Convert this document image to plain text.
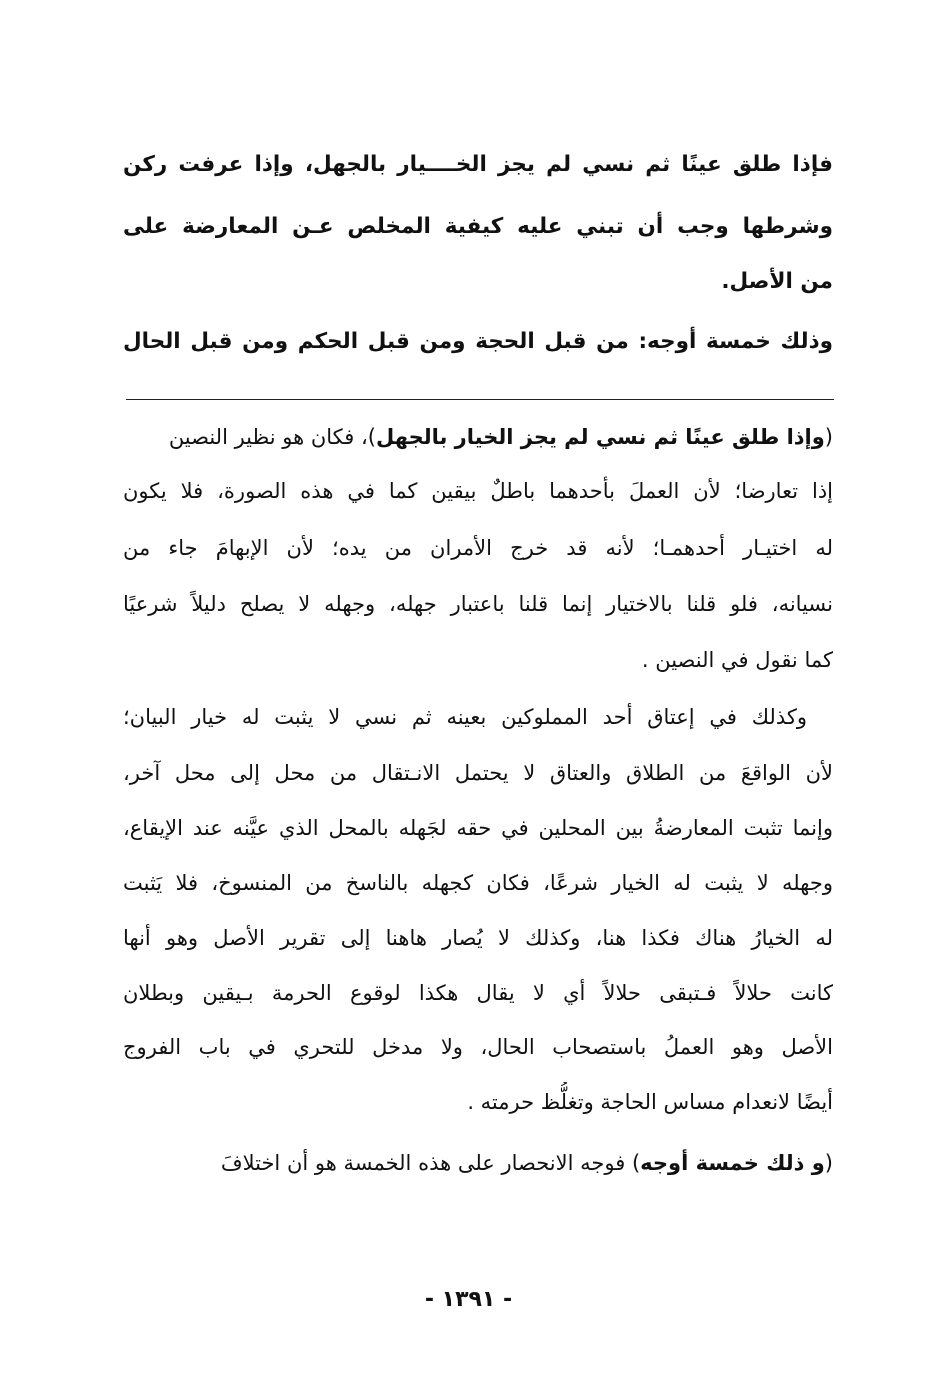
فإذا طلق عينًا ثم نسي لم يجز الخــــيار بالجهل، وإذا عرفت ركن
وشرطها وجب أن تبني عليه كيفية المخلص عـن المعارضة على
من الأصل.
وذلك خمسة أوجه: من قبل الحجة ومن قبل الحكم ومن قبل الحال
(وإذا طلق عينًا ثم نسي لم يجز الخيار بالجهل)، فكان هو نظير النصين
إذا تعارضا؛ لأن العملَ بأحدهما باطلٌ بيقين كما في هذه الصورة، فلا يكون
له اختيـار أحدهمـا؛ لأنه قد خرج الأمران من يده؛ لأن الإبهامَ جاء من
نسيانه، فلو قلنا بالاختيار إنما قلنا باعتبار جهله، وجهله لا يصلح دليلاً شرعيًا
كما نقول في النصين .
وكذلك في إعتاق أحد المملوكين بعينه ثم نسي لا يثبت له خيار البيان؛
لأن الواقعَ من الطلاق والعتاق لا يحتمل الانـتقال من محل إلى محل آخر،
وإنما تثبت المعارضةُ بين المحلين في حقه لجَهله بالمحل الذي عيَّنه عند الإيقاع،
وجهله لا يثبت له الخيار شرعًا، فكان كجهله بالناسخ من المنسوخ، فلا يَثبت
له الخيارُ هناك فكذا هنا، وكذلك لا يُصار هاهنا إلى تقرير الأصل وهو أنها
كانت حلالاً فـتبقى حلالاً أي لا يقال هكذا لوقوع الحرمة بـيقين وبطلان
الأصل وهو العملُ باستصحاب الحال، ولا مدخل للتحري في باب الفروج
أيضًا لانعدام مساس الحاجة وتغلُّظ حرمته .
(و ذلك خمسة أوجه) فوجه الانحصار على هذه الخمسة هو أن اختلافَ
- ١٣٩١ -
